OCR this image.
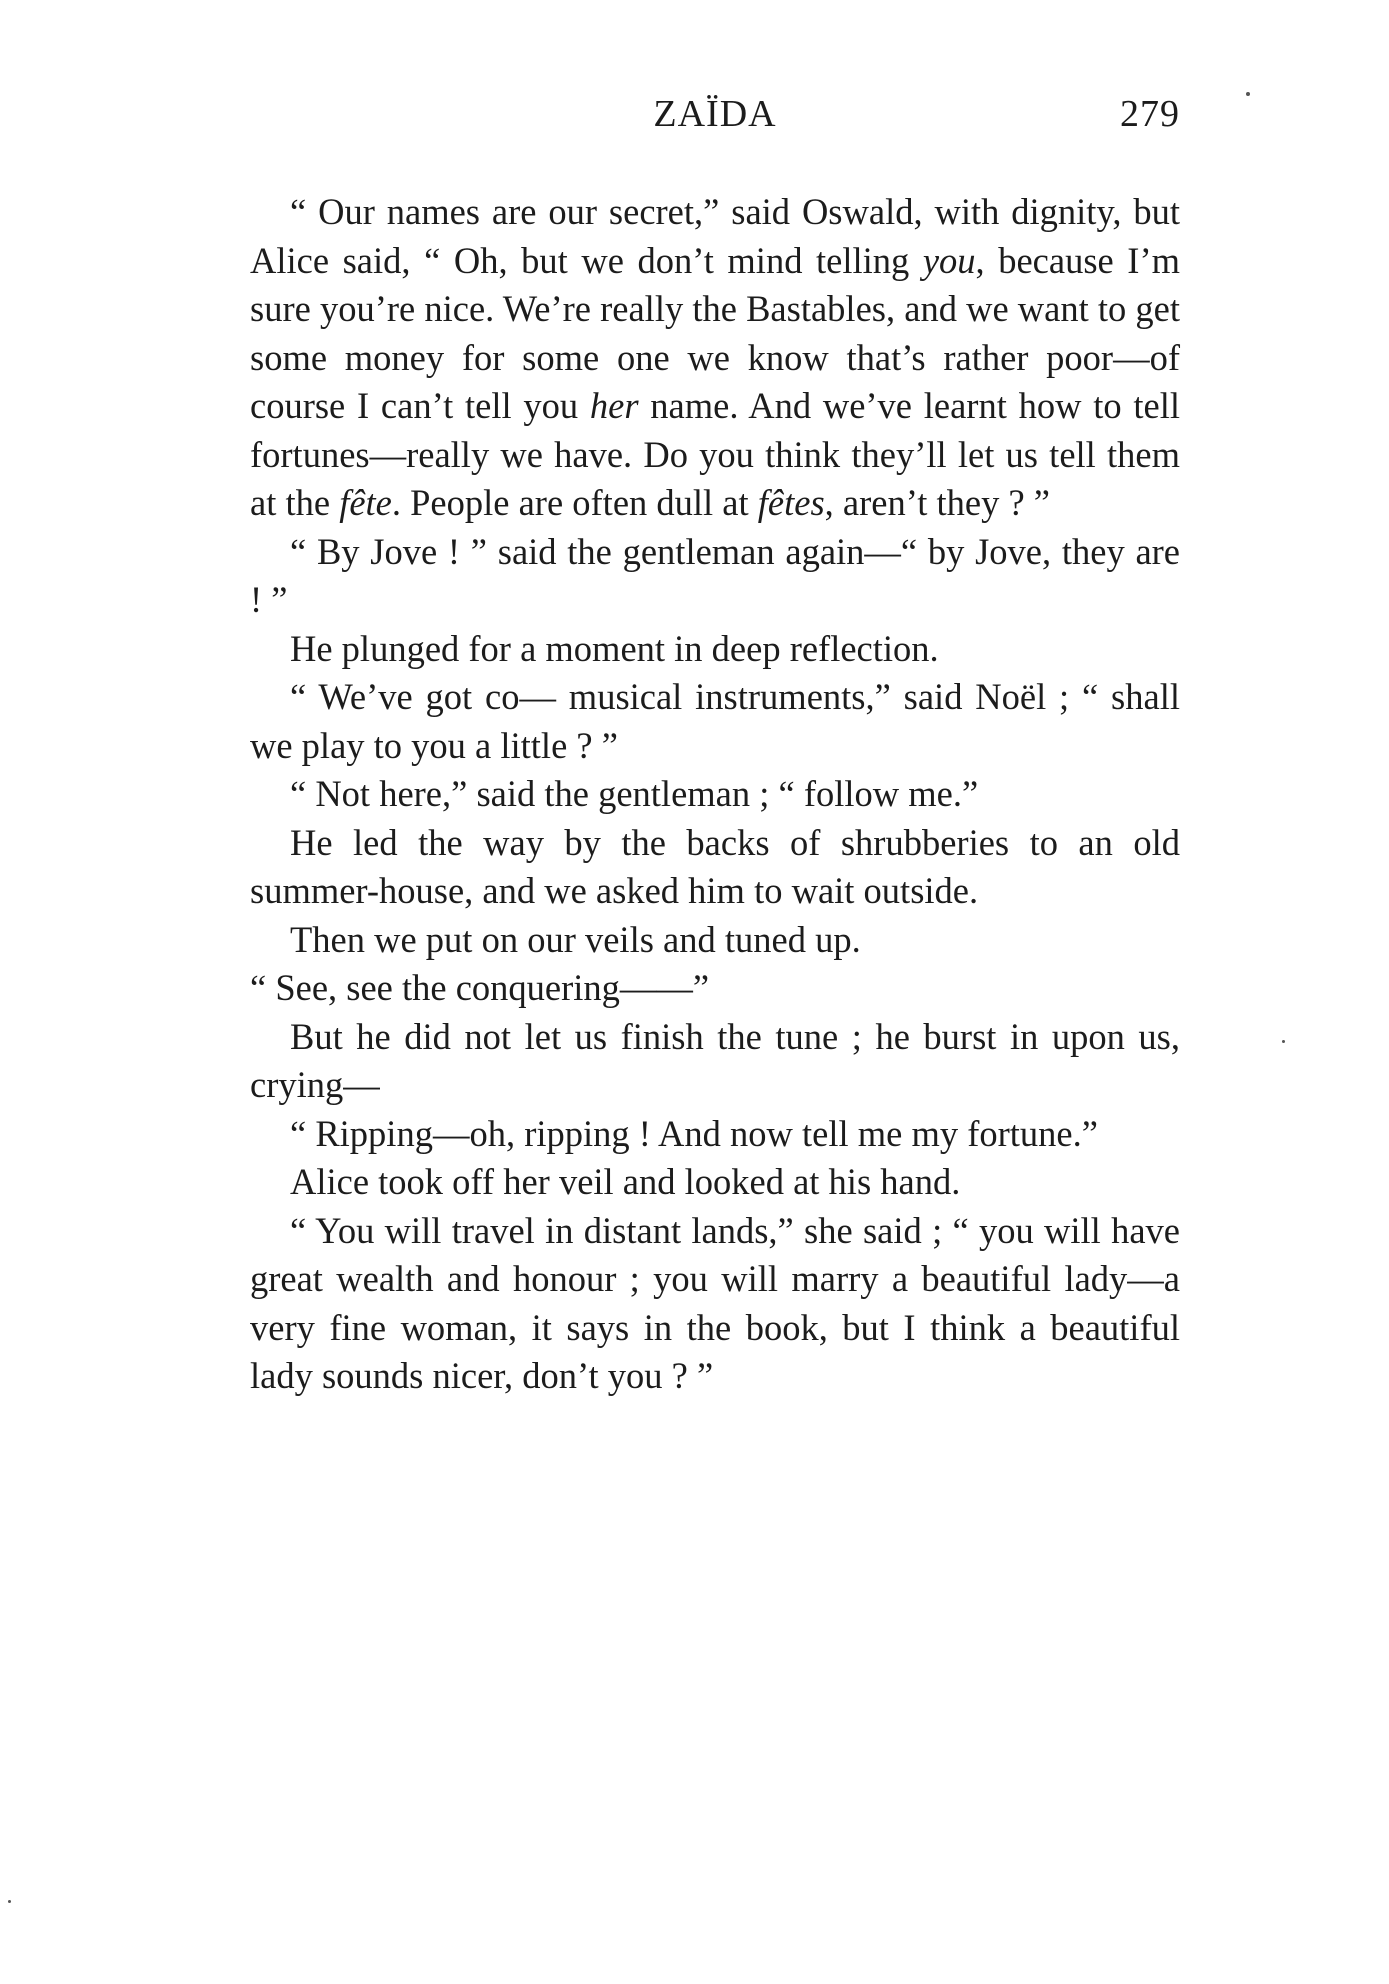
ZAÏDA	279

“ Our names are our secret,” said Oswald, with dignity, but Alice said, “ Oh, but we don’t mind telling you, because I’m sure you’re nice. We’re really the Bastables, and we want to get some money for some one we know that’s rather poor—of course I can’t tell you her name. And we’ve learnt how to tell fortunes—really we have. Do you think they’ll let us tell them at the fête. People are often dull at fêtes, aren’t they ? ”

“ By Jove ! ” said the gentleman again—“ by Jove, they are ! ”

He plunged for a moment in deep reflection.

“ We’ve got co— musical instruments,” said Noël ; “ shall we play to you a little ? ”

“ Not here,” said the gentleman ; “ follow me.”

He led the way by the backs of shrubberies to an old summer-house, and we asked him to wait outside.

Then we put on our veils and tuned up.

“ See, see the conquering——”

But he did not let us finish the tune ; he burst in upon us, crying—

“ Ripping—oh, ripping ! And now tell me my fortune.”

Alice took off her veil and looked at his hand.

“ You will travel in distant lands,” she said ; “ you will have great wealth and honour ; you will marry a beautiful lady—a very fine woman, it says in the book, but I think a beautiful lady sounds nicer, don’t you ? ”
